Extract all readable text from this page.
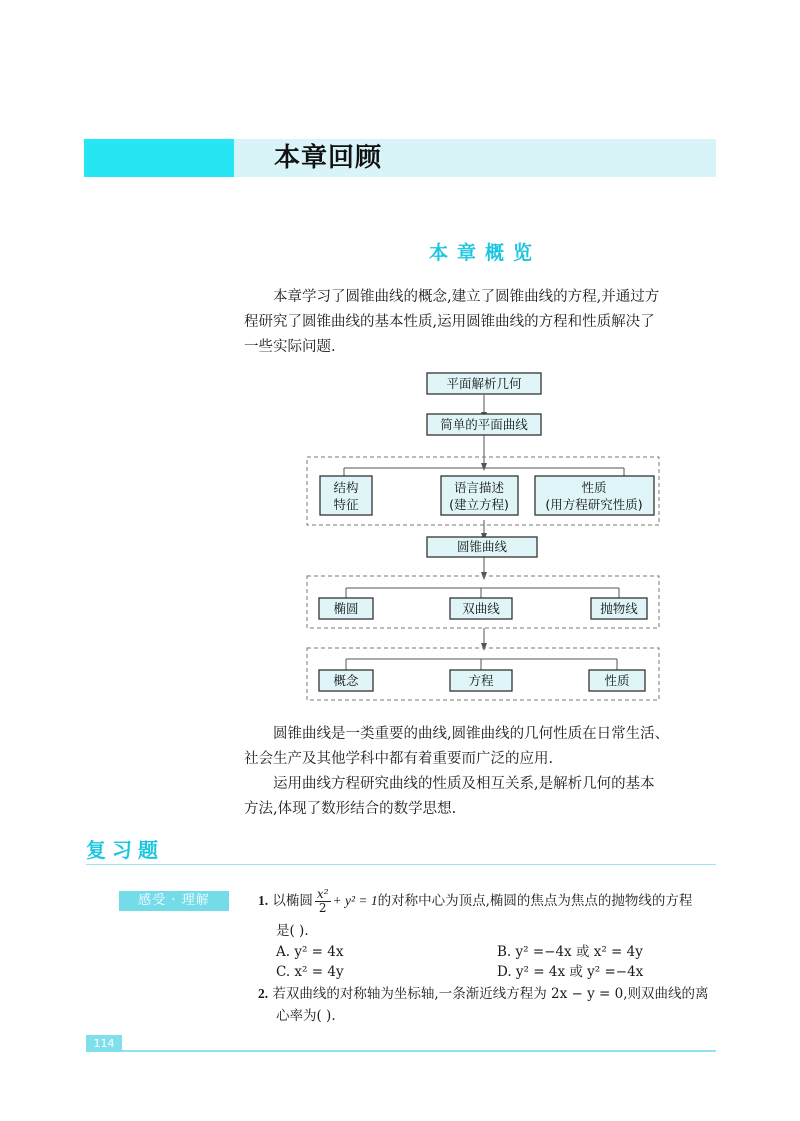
本章回顾
本章概览
本章学习了圆锥曲线的概念,建立了圆锥曲线的方程,并通过方
程研究了圆锥曲线的基本性质,运用圆锥曲线的方程和性质解决了
一些实际问题.
平面解析几何
简单的平面曲线
结构
特征
语言描述
(建立方程)
性质
(用方程研究性质)
圆锥曲线
椭圆	双曲线	抛物线
概念	方程	性质
圆锥曲线是一类重要的曲线,圆锥曲线的几何性质在日常生活、
社会生产及其他学科中都有着重要而广泛的应用.
运用曲线方程研究曲线的性质及相互关系,是解析几何的基本
方法,体现了数形结合的数学思想.
复习题
感受 · 理解	1. 以椭圆 $\frac{\text{x²}}{2} + y^2 = 1$的对称中心为顶点,椭圆的焦点为焦点的抛物线的方程
是( ).
A. y² = 4x	B. y² =−4x 或 x² = 4y
C. x² = 4y	D. y² = 4x 或 y² =−4x
2. 若双曲线的对称轴为坐标轴,一条渐近线方程为 2x − y = 0,则双曲线的离
心率为( ).
114
